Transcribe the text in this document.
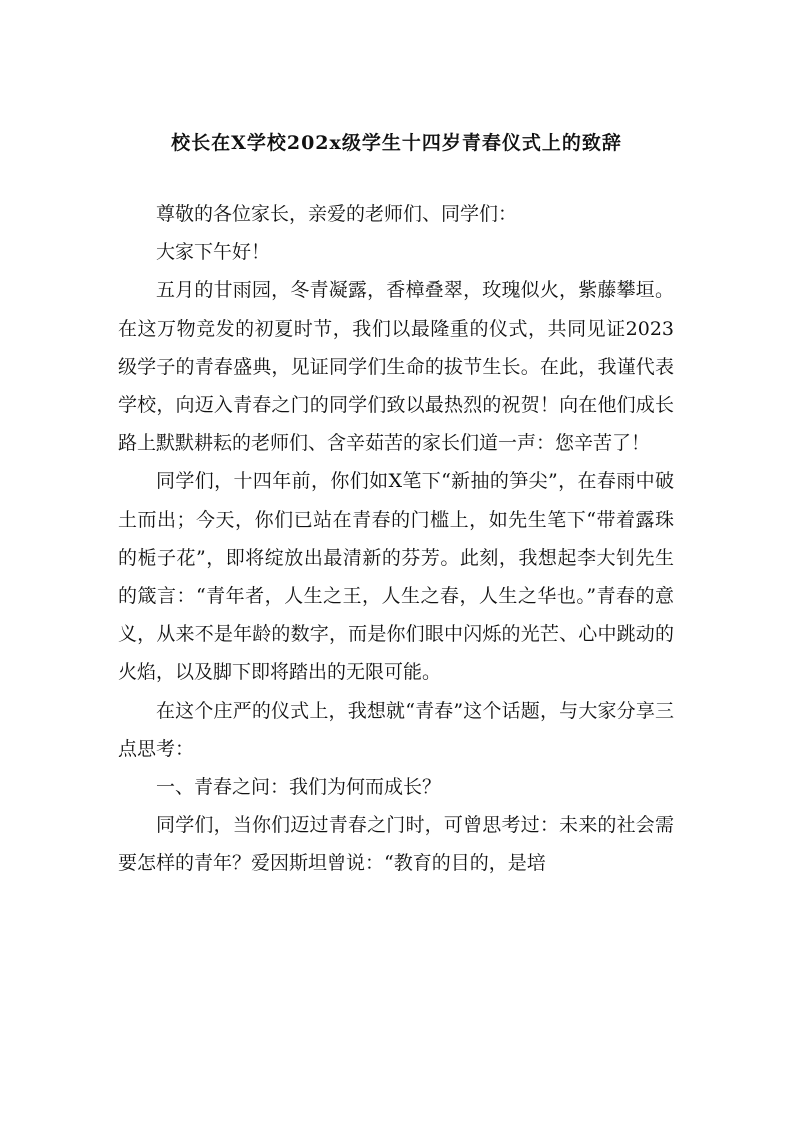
校长在X学校202x级学生十四岁青春仪式上的致辞

尊敬的各位家长，亲爱的老师们、同学们：

大家下午好！

五月的甘雨园，冬青凝露，香樟叠翠，玫瑰似火，紫藤攀垣。在这万物竞发的初夏时节，我们以最隆重的仪式，共同见证2023级学子的青春盛典，见证同学们生命的拔节生长。在此，我谨代表学校，向迈入青春之门的同学们致以最热烈的祝贺！向在他们成长路上默默耕耘的老师们、含辛茹苦的家长们道一声：您辛苦了！

同学们，十四年前，你们如X笔下“新抽的笋尖”，在春雨中破土而出；今天，你们已站在青春的门槛上，如先生笔下“带着露珠的栀子花”，即将绽放出最清新的芬芳。此刻，我想起李大钊先生的箴言：“青年者，人生之王，人生之春，人生之华也。”青春的意义，从来不是年龄的数字，而是你们眼中闪烁的光芒、心中跳动的火焰，以及脚下即将踏出的无限可能。

在这个庄严的仪式上，我想就“青春”这个话题，与大家分享三点思考：

一、青春之问：我们为何而成长？

同学们，当你们迈过青春之门时，可曾思考过：未来的社会需要怎样的青年？爱因斯坦曾说：“教育的目的，是培
